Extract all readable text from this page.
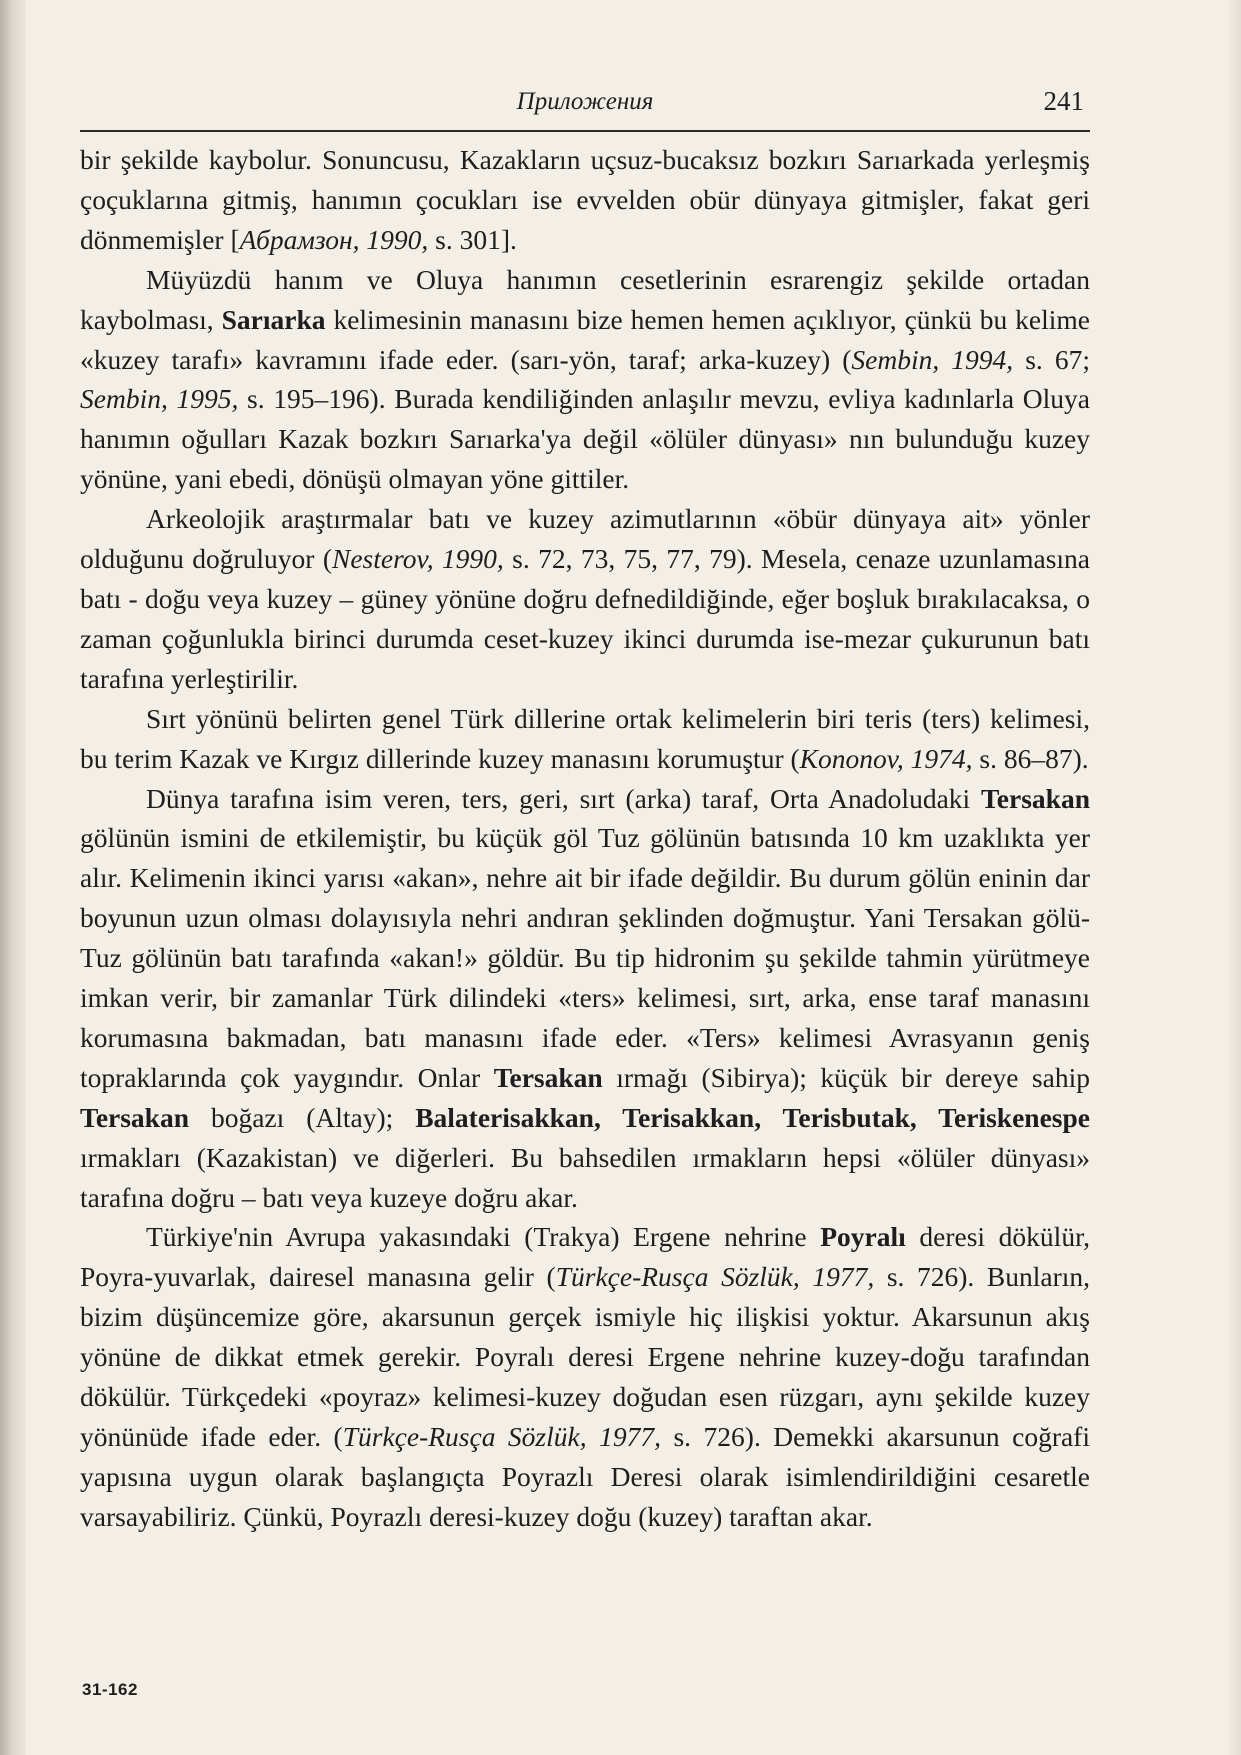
Приложения	241

bir şekilde kaybolur. Sonuncusu, Kazakların uçsuz-bucaksız bozkırı Sarıarkada yerleşmiş çoçuklarına gitmiş, hanımın çocukları ise evvelden obür dünyaya gitmişler, fakat geri dönmemişler [Абрамзон, 1990, s. 301].

Müyüzdü hanım ve Oluya hanımın cesetlerinin esrarengiz şekilde ortadan kaybolması, Sarıarka kelimesinin manasını bize hemen hemen açıklıyor, çünkü bu kelime «kuzey tarafı» kavramını ifade eder. (sarı-yön, taraf; arka-kuzey) (Sembin, 1994, s. 67; Sembin, 1995, s. 195–196). Burada kendiliğinden anlaşılır mevzu, evliya kadınlarla Oluya hanımın oğulları Kazak bozkırı Sarıarka'ya değil «ölüler dünyası» nın bulunduğu kuzey yönüne, yani ebedi, dönüşü olmayan yöne gittiler.

Arkeolojik araştırmalar batı ve kuzey azimutlarının «öbür dünyaya ait» yönler olduğunu doğruluyor (Nesterov, 1990, s. 72, 73, 75, 77, 79). Mesela, cenaze uzunlamasına batı - doğu veya kuzey – güney yönüne doğru defnedildiğinde, eğer boşluk bırakılacaksa, o zaman çoğunlukla birinci durumda ceset-kuzey ikinci durumda ise-mezar çukurunun batı tarafına yerleştirilir.

Sırt yönünü belirten genel Türk dillerine ortak kelimelerin biri teris (ters) kelimesi, bu terim Kazak ve Kırgız dillerinde kuzey manasını korumuştur (Kononov, 1974, s. 86–87).

Dünya tarafına isim veren, ters, geri, sırt (arka) taraf, Orta Anadoludaki Tersakan gölünün ismini de etkilemiştir, bu küçük göl Tuz gölünün batısında 10 km uzaklıkta yer alır. Kelimenin ikinci yarısı «akan», nehre ait bir ifade değildir. Bu durum gölün eninin dar boyunun uzun olması dolayısıyla nehri andıran şeklinden doğmuştur. Yani Tersakan gölü- Tuz gölünün batı tarafında «akan!» göldür. Bu tip hidronim şu şekilde tahmin yürütmeye imkan verir, bir zamanlar Türk dilindeki «ters» kelimesi, sırt, arka, ense taraf manasını korumasına bakmadan, batı manasını ifade eder. «Ters» kelimesi Avrasyanın geniş topraklarında çok yaygındır. Onlar Tersakan ırmağı (Sibirya); küçük bir dereye sahip Tersakan boğazı (Altay); Balaterisakkan, Terisakkan, Terisbutak, Teriskenespe ırmakları (Kazakistan) ve diğerleri. Bu bahsedilen ırmakların hepsi «ölüler dünyası» tarafına doğru – batı veya kuzeye doğru akar.

Türkiye'nin Avrupa yakasındaki (Trakya) Ergene nehrine Poyralı deresi dökülür, Poyra-yuvarlak, dairesel manasına gelir (Türkçe-Rusça Sözlük, 1977, s. 726). Bunların, bizim düşüncemize göre, akarsunun gerçek ismiyle hiç ilişkisi yoktur. Akarsunun akış yönüne de dikkat etmek gerekir. Poyralı deresi Ergene nehrine kuzey-doğu tarafından dökülür. Türkçedeki «poyraz» kelimesi-kuzey doğudan esen rüzgarı, aynı şekilde kuzey yönünüde ifade eder. (Türkçe-Rusça Sözlük, 1977, s. 726). Demekki akarsunun coğrafi yapısına uygun olarak başlangıçta Poyrazlı Deresi olarak isimlendirildiğini cesaretle varsayabiliriz. Çünkü, Poyrazlı deresi-kuzey doğu (kuzey) taraftan akar.

31-162
